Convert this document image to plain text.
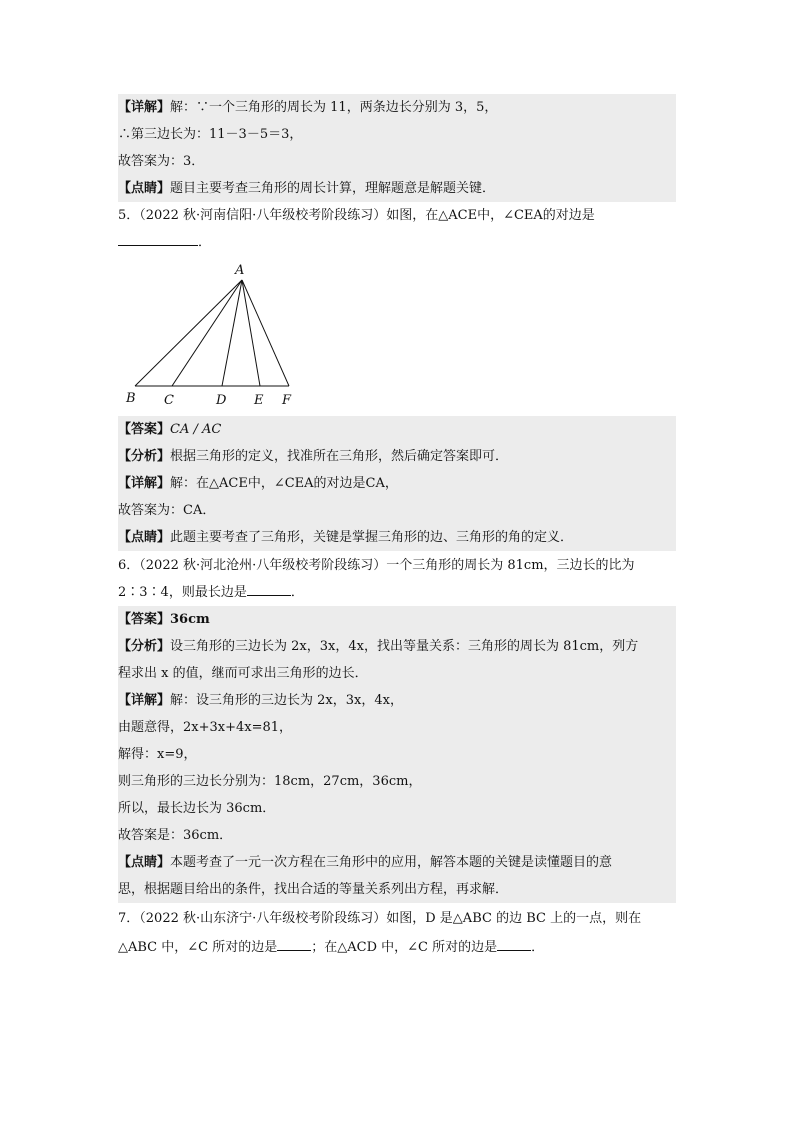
【详解】解：∵一个三角形的周长为 11，两条边长分别为 3，5，
∴第三边长为：11－3－5＝3，
故答案为：3．
【点睛】题目主要考查三角形的周长计算，理解题意是解题关键．
5．（2022 秋·河南信阳·八年级校考阶段练习）如图，在△ACE中，∠CEA的对边是
．
A
B C	D E F
【答案】CA / AC
【分析】根据三角形的定义，找准所在三角形，然后确定答案即可．
【详解】解：在△ACE中，∠CEA的对边是CA，
故答案为：CA．
【点睛】此题主要考查了三角形，关键是掌握三角形的边、三角形的角的定义．
6．（2022 秋·河北沧州·八年级校考阶段练习）一个三角形的周长为 81cm，三边长的比为
2∶3∶4，则最长边是	．
【答案】36cm
【分析】设三角形的三边长为 2x，3x，4x，找出等量关系：三角形的周长为 81cm，列方
程求出 x 的值，继而可求出三角形的边长．
【详解】解：设三角形的三边长为 2x，3x，4x，
由题意得，2x+3x+4x=81，
解得：x=9，
则三角形的三边长分别为：18cm，27cm，36cm，
所以，最长边长为 36cm．
故答案是：36cm．
【点睛】本题考查了一元一次方程在三角形中的应用，解答本题的关键是读懂题目的意
思，根据题目给出的条件，找出合适的等量关系列出方程，再求解．
7．（2022 秋·山东济宁·八年级校考阶段练习）如图，D 是△ABC 的边 BC 上的一点，则在
△ABC 中，∠C 所对的边是	；在△ACD 中，∠C 所对的边是	．
